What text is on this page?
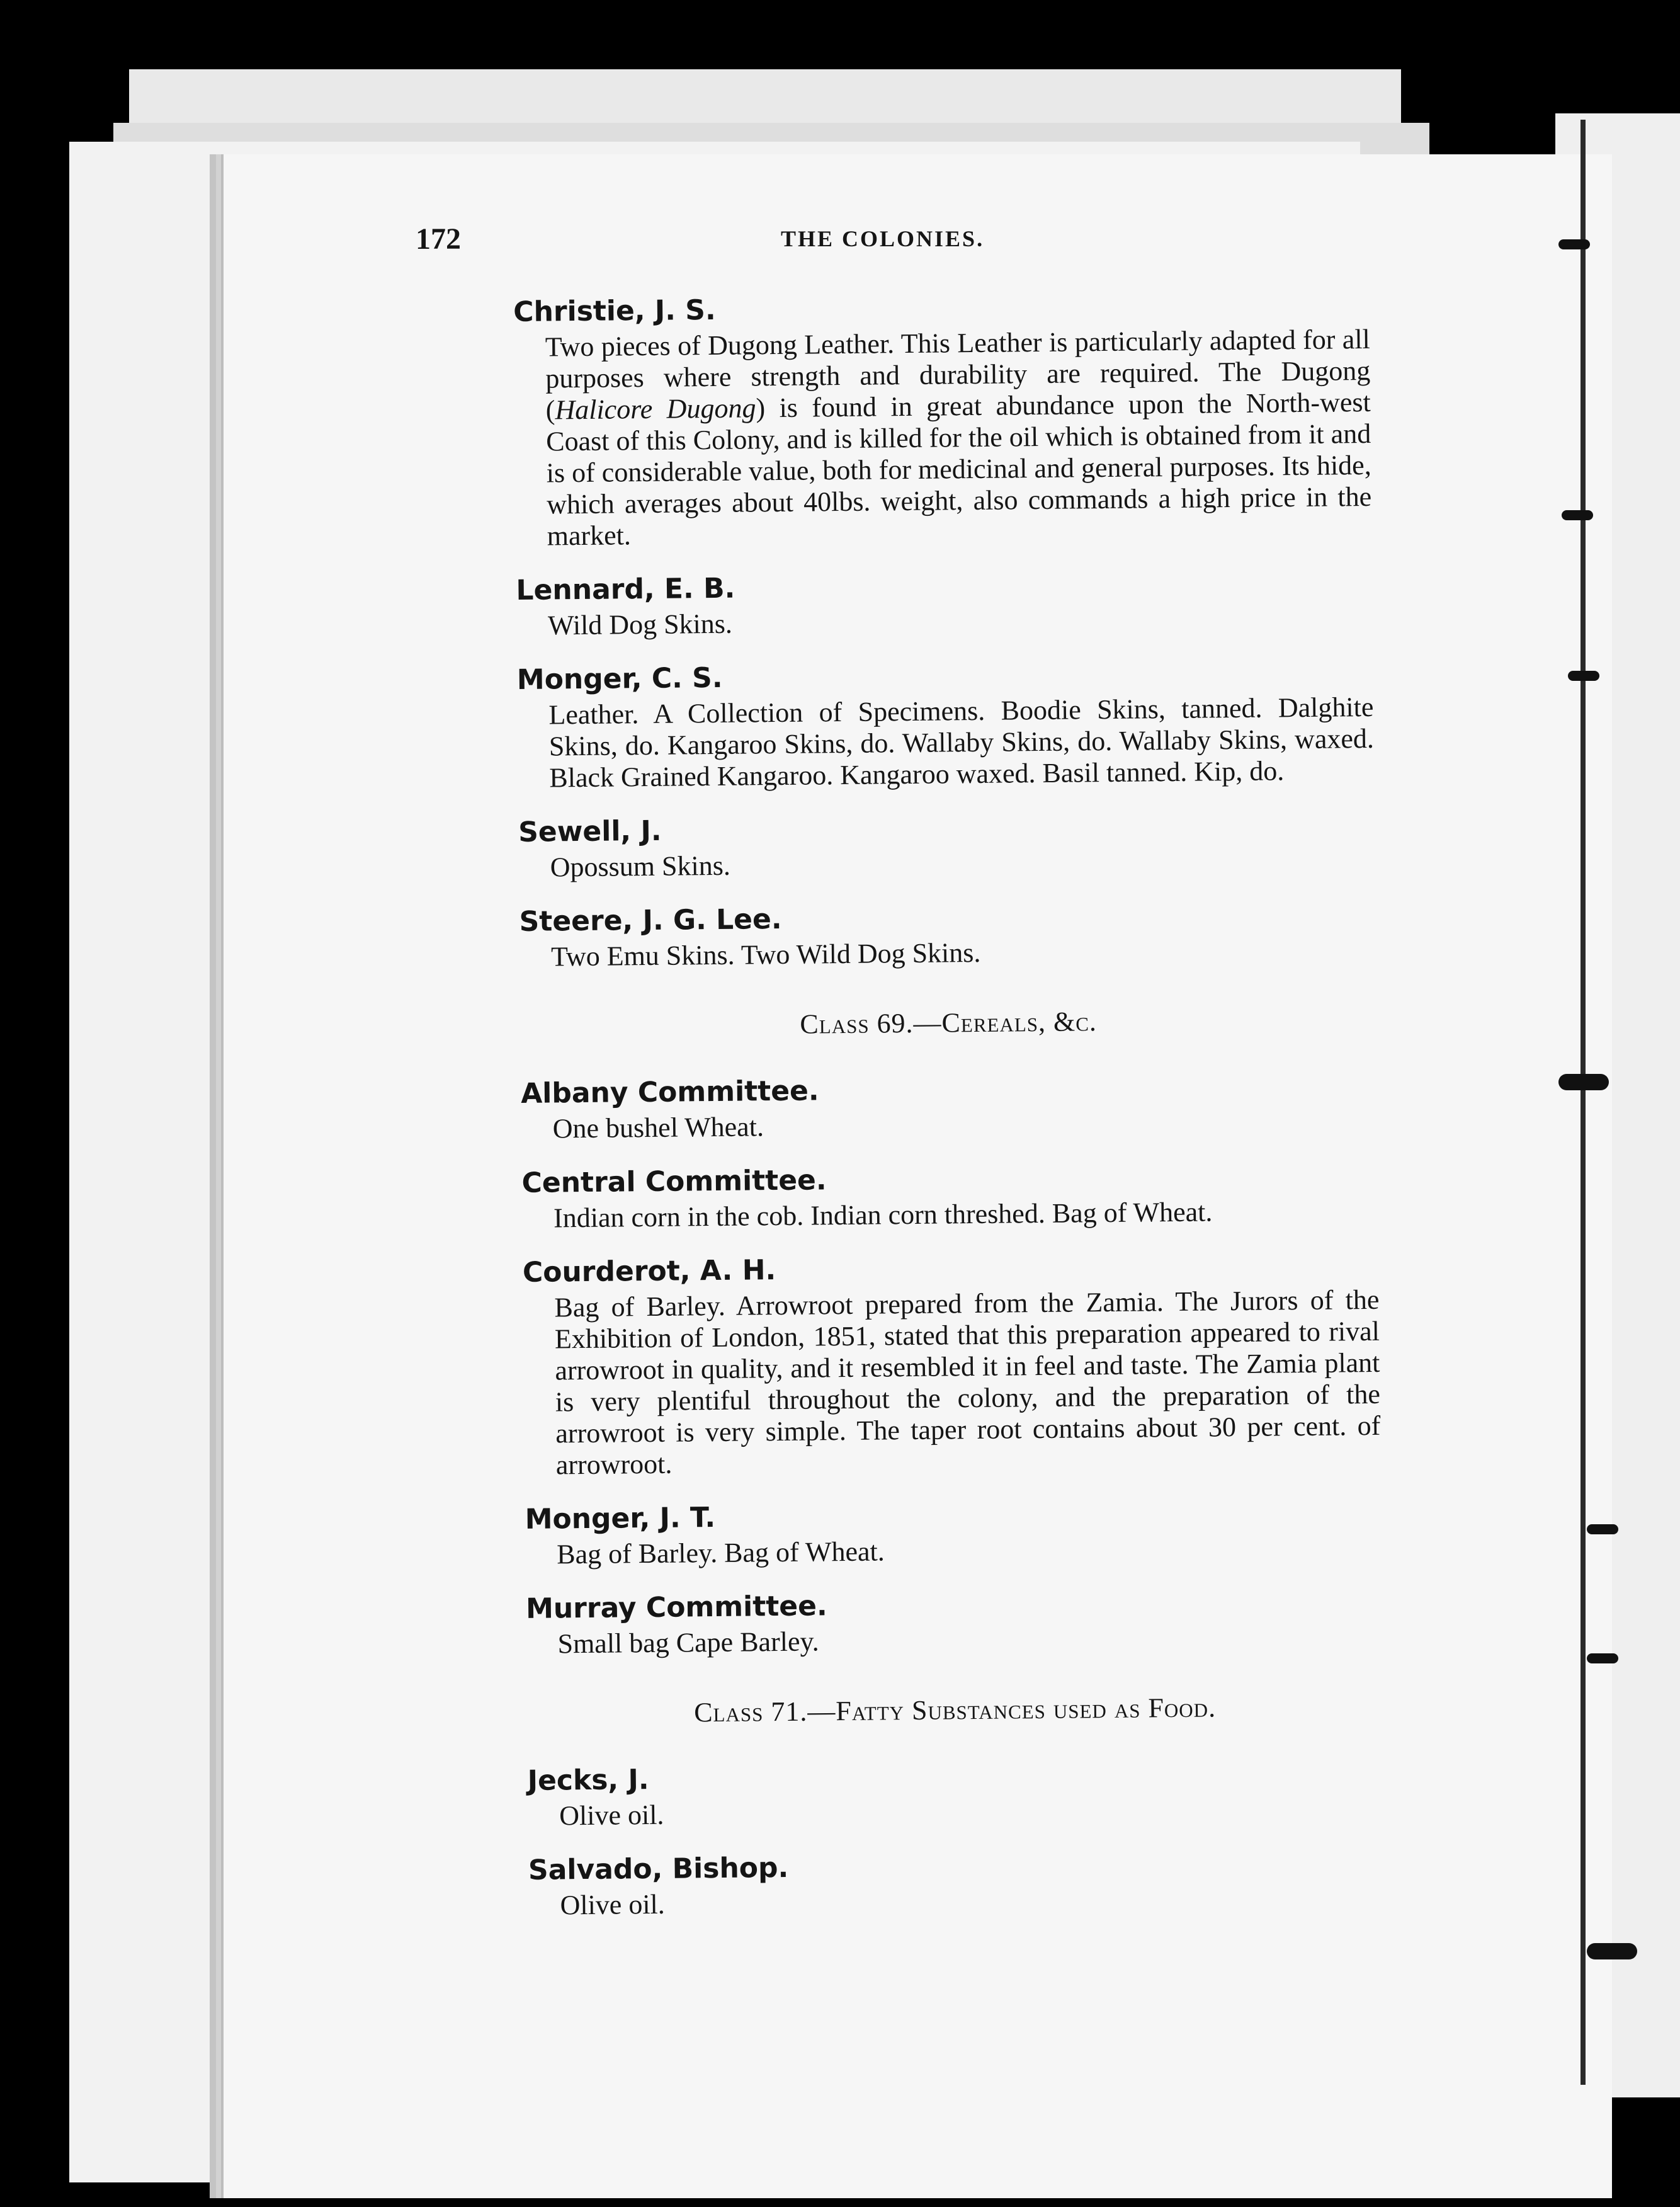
172	THE COLONIES.
Christie, J. S.
Two pieces of Dugong Leather. This Leather is particularly adapted for all purposes where strength and durability are required. The Dugong (Halicore Dugong) is found in great abundance upon the North-west Coast of this Colony, and is killed for the oil which is obtained from it and is of considerable value, both for medicinal and general purposes. Its hide, which averages about 40lbs. weight, also commands a high price in the market.
Lennard, E. B.
Wild Dog Skins.
Monger, C. S.
Leather. A Collection of Specimens. Boodie Skins, tanned. Dalghite Skins, do. Kangaroo Skins, do. Wallaby Skins, do. Wallaby Skins, waxed. Black Grained Kangaroo. Kangaroo waxed. Basil tanned. Kip, do.
Sewell, J.
Opossum Skins.
Steere, J. G. Lee.
Two Emu Skins. Two Wild Dog Skins.
Class 69.—Cereals, &c.
Albany Committee.
One bushel Wheat.
Central Committee.
Indian corn in the cob. Indian corn threshed. Bag of Wheat.
Courderot, A. H.
Bag of Barley. Arrowroot prepared from the Zamia. The Jurors of the Exhibition of London, 1851, stated that this preparation appeared to rival arrowroot in quality, and it resembled it in feel and taste. The Zamia plant is very plentiful throughout the colony, and the preparation of the arrowroot is very simple. The taper root contains about 30 per cent. of arrowroot.
Monger, J. T.
Bag of Barley. Bag of Wheat.
Murray Committee.
Small bag Cape Barley.
Class 71.—Fatty Substances used as Food.
Jecks, J.
Olive oil.
Salvado, Bishop.
Olive oil.
